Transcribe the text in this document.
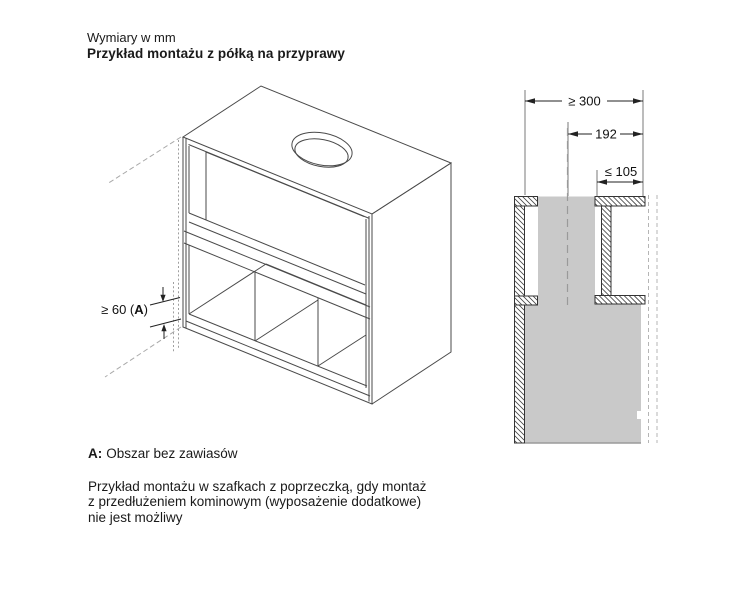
Wymiary w mm
Przykład montażu z półką na przyprawy
≥ 60 (A)
≥ 300
192
≤ 105
A: Obszar bez zawiasów
Przykład montażu w szafkach z poprzeczką, gdy montaż
z przedłużeniem kominowym (wyposażenie dodatkowe)
nie jest możliwy
